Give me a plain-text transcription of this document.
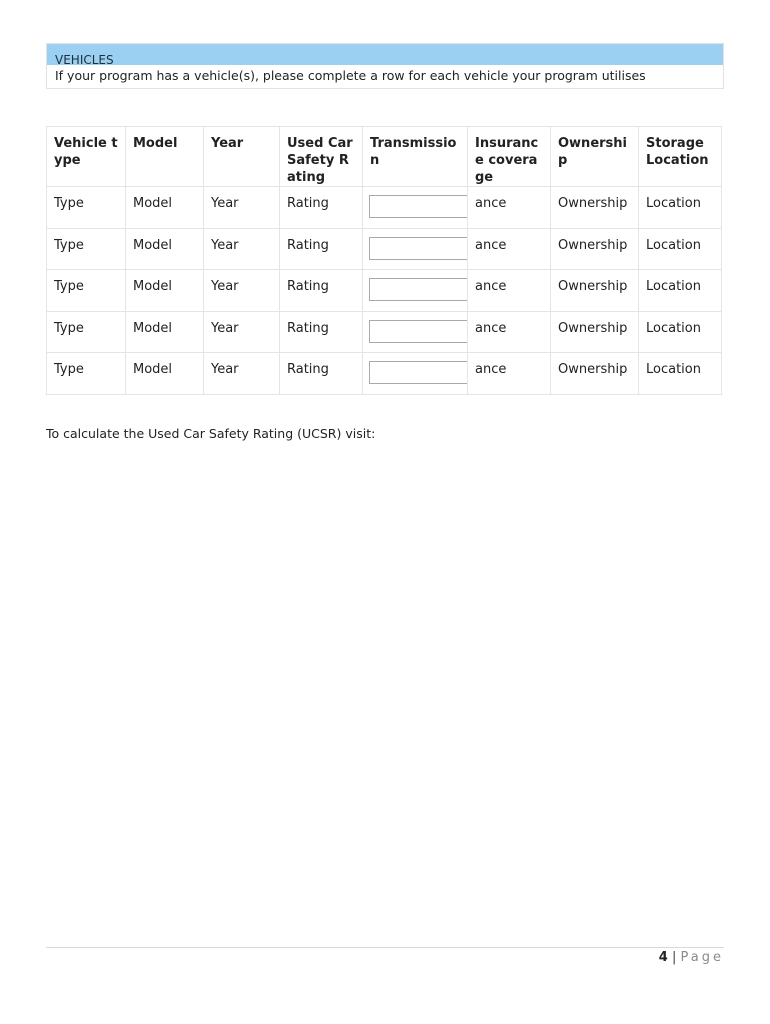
VEHICLES
If your program has a vehicle(s), please complete a row for each vehicle your program utilises
Vehicle type	Model	Year	Used Car Safety Rating	Transmission	Insurance coverage	Ownership	Storage Location
Type	Model	Year	Rating		ance	Ownership	Location
Type	Model	Year	Rating		ance	Ownership	Location
Type	Model	Year	Rating		ance	Ownership	Location
Type	Model	Year	Rating		ance	Ownership	Location
Type	Model	Year	Rating		ance	Ownership	Location
To calculate the Used Car Safety Rating (UCSR) visit:
4 | Page
